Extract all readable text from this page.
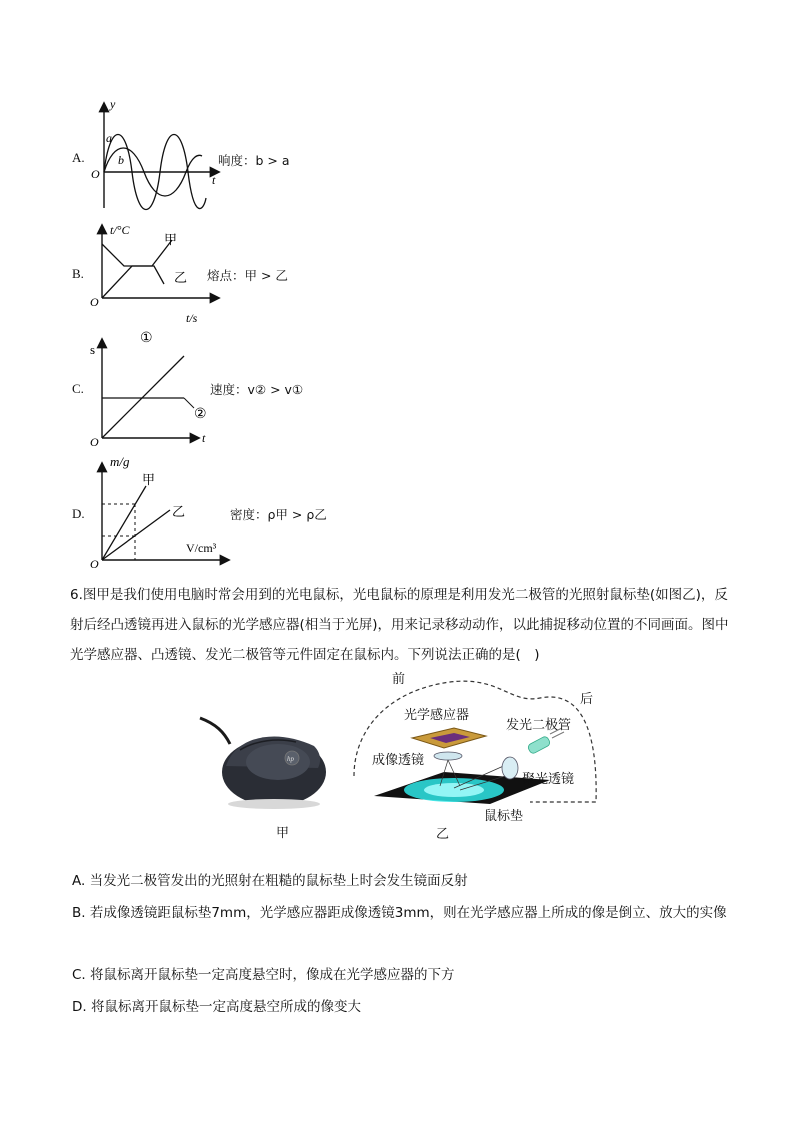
A.
y
t
O
a
b	响度：b > a
B.
t/°C
t/s
O
甲
乙 熔点：甲 > 乙
C.
s
t
O
①
②
速度：v② > v①
D.
m/g
V/cm³
O
甲
乙	密度：ρ甲 > ρ乙
6.图甲是我们使用电脑时常会用到的光电鼠标，光电鼠标的原理是利用发光二极管的光照射鼠标垫(如图乙)，反射后经凸透镜再进入鼠标的光学感应器(相当于光屏)，用来记录移动动作，以此捕捉移动位置的不同画面。图中光学感应器、凸透镜、发光二极管等元件固定在鼠标内。下列说法正确的是(　)
hp
甲
前
后
光学感应器
发光二极管
成像透镜
聚光透镜
鼠标垫
乙
A. 当发光二极管发出的光照射在粗糙的鼠标垫上时会发生镜面反射
B. 若成像透镜距鼠标垫7mm，光学感应器距成像透镜3mm，则在光学感应器上所成的像是倒立、放大的实像
C. 将鼠标离开鼠标垫一定高度悬空时，像成在光学感应器的下方
D. 将鼠标离开鼠标垫一定高度悬空所成的像变大
